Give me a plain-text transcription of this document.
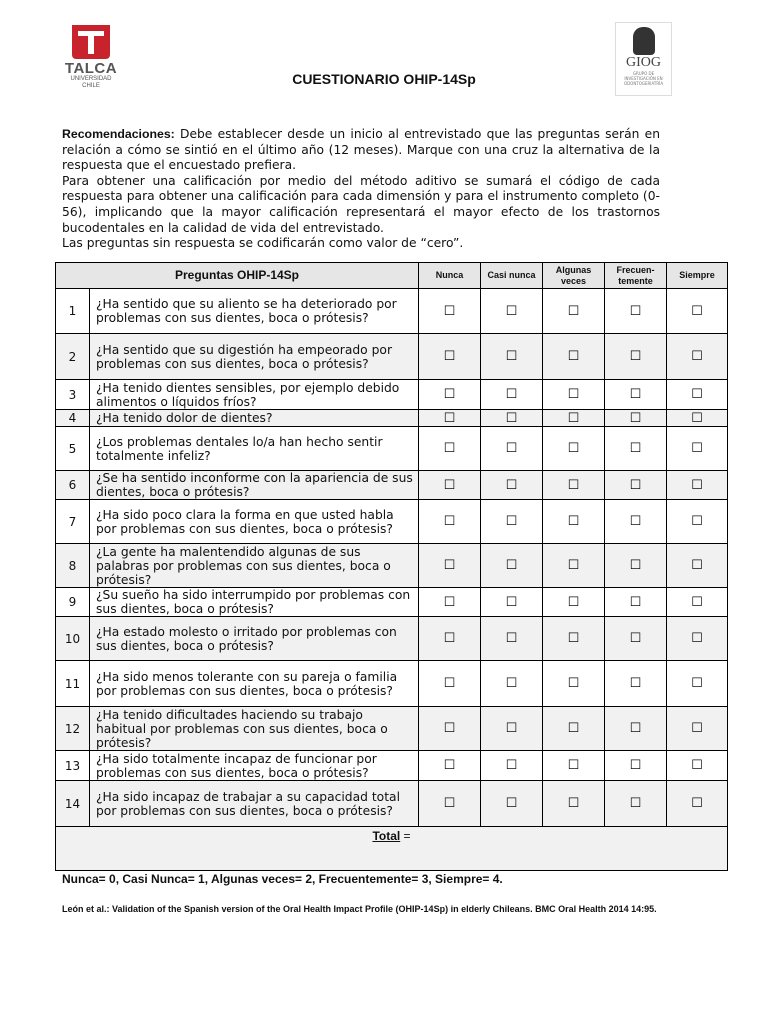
TALCA
UNIVERSIDAD
CHILE
GIOG
GRUPO DE INVESTIGACIÓN EN ODONTOGERIATRÍA
CUESTIONARIO OHIP-14Sp

Recomendaciones: Debe establecer desde un inicio al entrevistado que las preguntas serán en relación a cómo se sintió en el último año (12 meses). Marque con una cruz la alternativa de la respuesta que el encuestado prefiera.

Para obtener una calificación por medio del método aditivo se sumará el código de cada respuesta para obtener una calificación para cada dimensión y para el instrumento completo (0- 56), implicando que la mayor calificación representará el mayor efecto de los trastornos bucodentales en la calidad de vida del entrevistado.

Las preguntas sin respuesta se codificarán como valor de “cero”.

Preguntas OHIP-14Sp		Nunca	Casi nunca	Algunas veces	Frecuen-temente	Siempre
1	¿Ha sentido que su aliento se ha deteriorado por problemas con sus dientes, boca o prótesis?	☐	☐	☐	☐	☐
2	¿Ha sentido que su digestión ha empeorado por problemas con sus dientes, boca o prótesis?	☐	☐	☐	☐	☐
3	¿Ha tenido dientes sensibles, por ejemplo debido alimentos o líquidos fríos?	☐	☐	☐	☐	☐
4	¿Ha tenido dolor de dientes?	☐	☐	☐	☐	☐
5	¿Los problemas dentales lo/a han hecho sentir totalmente infeliz?	☐	☐	☐	☐	☐
6	¿Se ha sentido inconforme con la apariencia de sus dientes, boca o prótesis?	☐	☐	☐	☐	☐
7	¿Ha sido poco clara la forma en que usted habla por problemas con sus dientes, boca o prótesis?	☐	☐	☐	☐	☐
8	¿La gente ha malentendido algunas de sus palabras por problemas con sus dientes, boca o prótesis?	☐	☐	☐	☐	☐
9	¿Su sueño ha sido interrumpido por problemas con sus dientes, boca o prótesis?	☐	☐	☐	☐	☐
10	¿Ha estado molesto o irritado por problemas con sus dientes, boca o prótesis?	☐	☐	☐	☐	☐
11	¿Ha sido menos tolerante con su pareja o familia por problemas con sus dientes, boca o prótesis?	☐	☐	☐	☐	☐
12	¿Ha tenido dificultades haciendo su trabajo habitual por problemas con sus dientes, boca o prótesis?	☐	☐	☐	☐	☐
13	¿Ha sido totalmente incapaz de funcionar por problemas con sus dientes, boca o prótesis?	☐	☐	☐	☐	☐
14	¿Ha sido incapaz de trabajar a su capacidad total por problemas con sus dientes, boca o prótesis?	☐	☐	☐	☐	☐
Total =						
Nunca= 0, Casi Nunca= 1, Algunas veces= 2, Frecuentemente= 3, Siempre= 4.
León et al.: Validation of the Spanish version of the Oral Health Impact Profile (OHIP-14Sp) in elderly Chileans. BMC Oral Health 2014 14:95.
